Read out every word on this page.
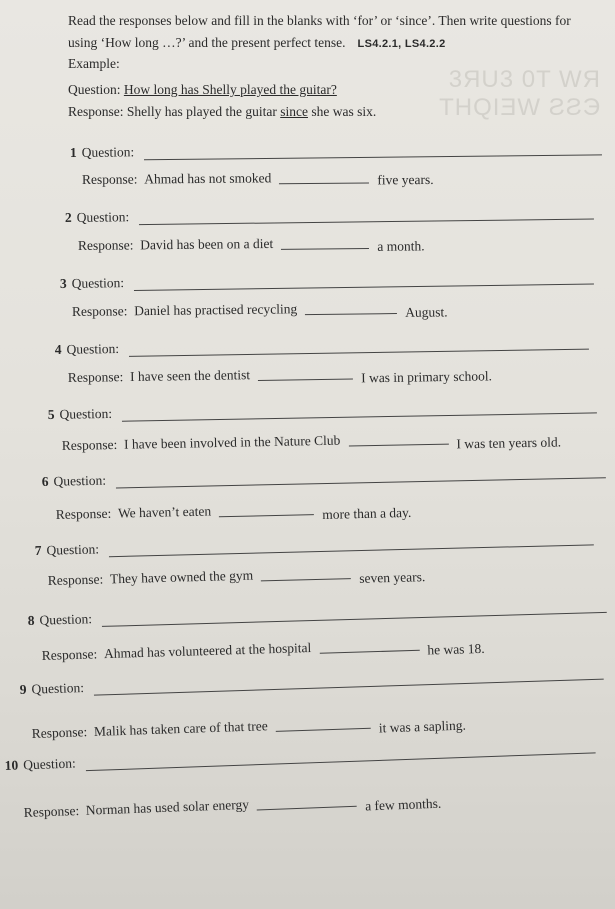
3ЯU3 0T WЯ
THQIƎW ƧƧЭ
Read the responses below and fill in the blanks with ‘for’ or ‘since’. Then write questions for
using ‘How long …?’ and the present perfect tense. LS4.2.1, LS4.2.2
Example:
Question: How long has Shelly played the guitar?
Response: Shelly has played the guitar since she was six.
1 Question:
Response:
Ahmad has not smoked	five years.
2 Question:
Response:
David has been on a diet	a month.
3 Question:
Response:
Daniel has practised recycling	August.
4 Question:
Response:
I have seen the dentist	I was in primary school.
5 Question:
Response:
I have been involved in the Nature Club	I was ten years old.
6 Question:
Response:
We haven’t eaten	more than a day.
7 Question:
Response:
They have owned the gym	seven years.
8 Question:
Response:
Ahmad has volunteered at the hospital	he was 18.
9 Question:
Response:
Malik has taken care of that tree	it was a sapling.
10 Question:
Response:
Norman has used solar energy	a few months.
